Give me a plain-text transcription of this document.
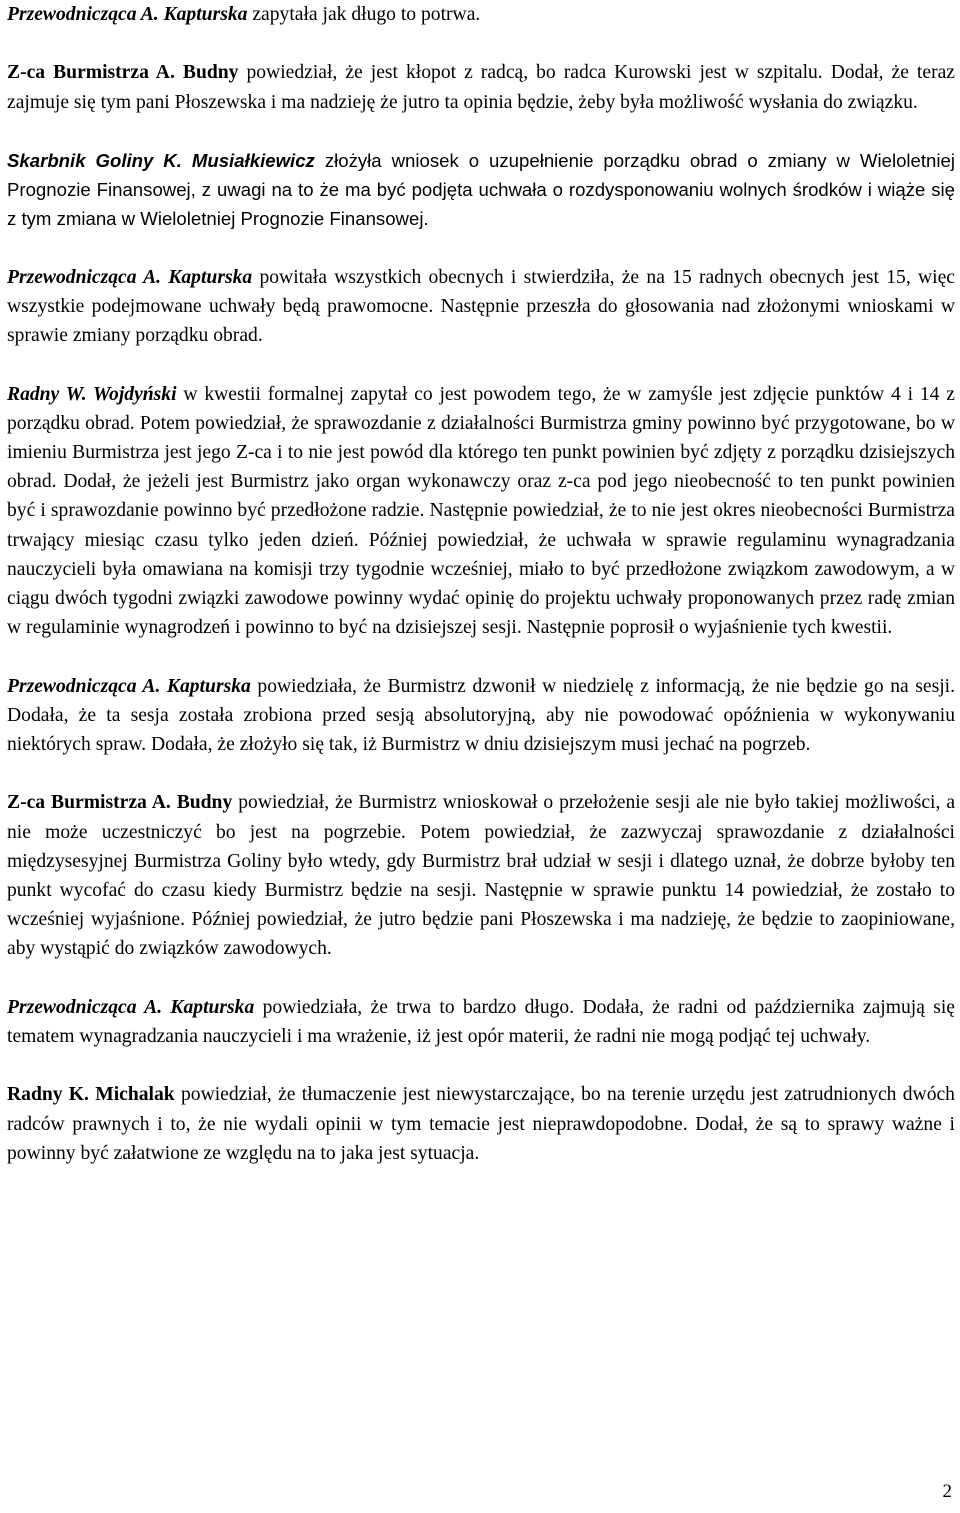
Przewodnicząca A. Kapturska zapytała jak długo to potrwa.

Z-ca Burmistrza A. Budny powiedział, że jest kłopot z radcą, bo radca Kurowski jest w szpitalu. Dodał, że teraz zajmuje się tym pani Płoszewska i ma nadzieję że jutro ta opinia będzie, żeby była możliwość wysłania do związku.

Skarbnik Goliny K. Musiałkiewicz złożyła wniosek o uzupełnienie porządku obrad o zmiany w Wieloletniej Prognozie Finansowej, z uwagi na to że ma być podjęta uchwała o rozdysponowaniu wolnych środków i wiąże się z tym zmiana w Wieloletniej Prognozie Finansowej.

Przewodnicząca A. Kapturska powitała wszystkich obecnych i stwierdziła, że na 15 radnych obecnych jest 15, więc wszystkie podejmowane uchwały będą prawomocne. Następnie przeszła do głosowania nad złożonymi wnioskami w sprawie zmiany porządku obrad.

Radny W. Wojdyński w kwestii formalnej zapytał co jest powodem tego, że w zamyśle jest zdjęcie punktów 4 i 14 z porządku obrad. Potem powiedział, że sprawozdanie z działalności Burmistrza gminy powinno być przygotowane, bo w imieniu Burmistrza jest jego Z-ca i to nie jest powód dla którego ten punkt powinien być zdjęty z porządku dzisiejszych obrad. Dodał, że jeżeli jest Burmistrz jako organ wykonawczy oraz z-ca pod jego nieobecność to ten punkt powinien być i sprawozdanie powinno być przedłożone radzie. Następnie powiedział, że to nie jest okres nieobecności Burmistrza trwający miesiąc czasu tylko jeden dzień. Później powiedział, że uchwała w sprawie regulaminu wynagradzania nauczycieli była omawiana na komisji trzy tygodnie wcześniej, miało to być przedłożone związkom zawodowym, a w ciągu dwóch tygodni związki zawodowe powinny wydać opinię do projektu uchwały proponowanych przez radę zmian w regulaminie wynagrodzeń i powinno to być na dzisiejszej sesji. Następnie poprosił o wyjaśnienie tych kwestii.

Przewodnicząca A. Kapturska powiedziała, że Burmistrz dzwonił w niedzielę z informacją, że nie będzie go na sesji. Dodała, że ta sesja została zrobiona przed sesją absolutoryjną, aby nie powodować opóźnienia w wykonywaniu niektórych spraw. Dodała, że złożyło się tak, iż Burmistrz w dniu dzisiejszym musi jechać na pogrzeb.

Z-ca Burmistrza A. Budny powiedział, że Burmistrz wnioskował o przełożenie sesji ale nie było takiej możliwości, a nie może uczestniczyć bo jest na pogrzebie. Potem powiedział, że zazwyczaj sprawozdanie z działalności międzysesyjnej Burmistrza Goliny było wtedy, gdy Burmistrz brał udział w sesji i dlatego uznał, że dobrze byłoby ten punkt wycofać do czasu kiedy Burmistrz będzie na sesji. Następnie w sprawie punktu 14 powiedział, że zostało to wcześniej wyjaśnione. Później powiedział, że jutro będzie pani Płoszewska i ma nadzieję, że będzie to zaopiniowane, aby wystąpić do związków zawodowych.

Przewodnicząca A. Kapturska powiedziała, że trwa to bardzo długo. Dodała, że radni od października zajmują się tematem wynagradzania nauczycieli i ma wrażenie, iż jest opór materii, że radni nie mogą podjąć tej uchwały.

Radny K. Michalak powiedział, że tłumaczenie jest niewystarczające, bo na terenie urzędu jest zatrudnionych dwóch radców prawnych i to, że nie wydali opinii w tym temacie jest nieprawdopodobne. Dodał, że są to sprawy ważne i powinny być załatwione ze względu na to jaka jest sytuacja.

2
